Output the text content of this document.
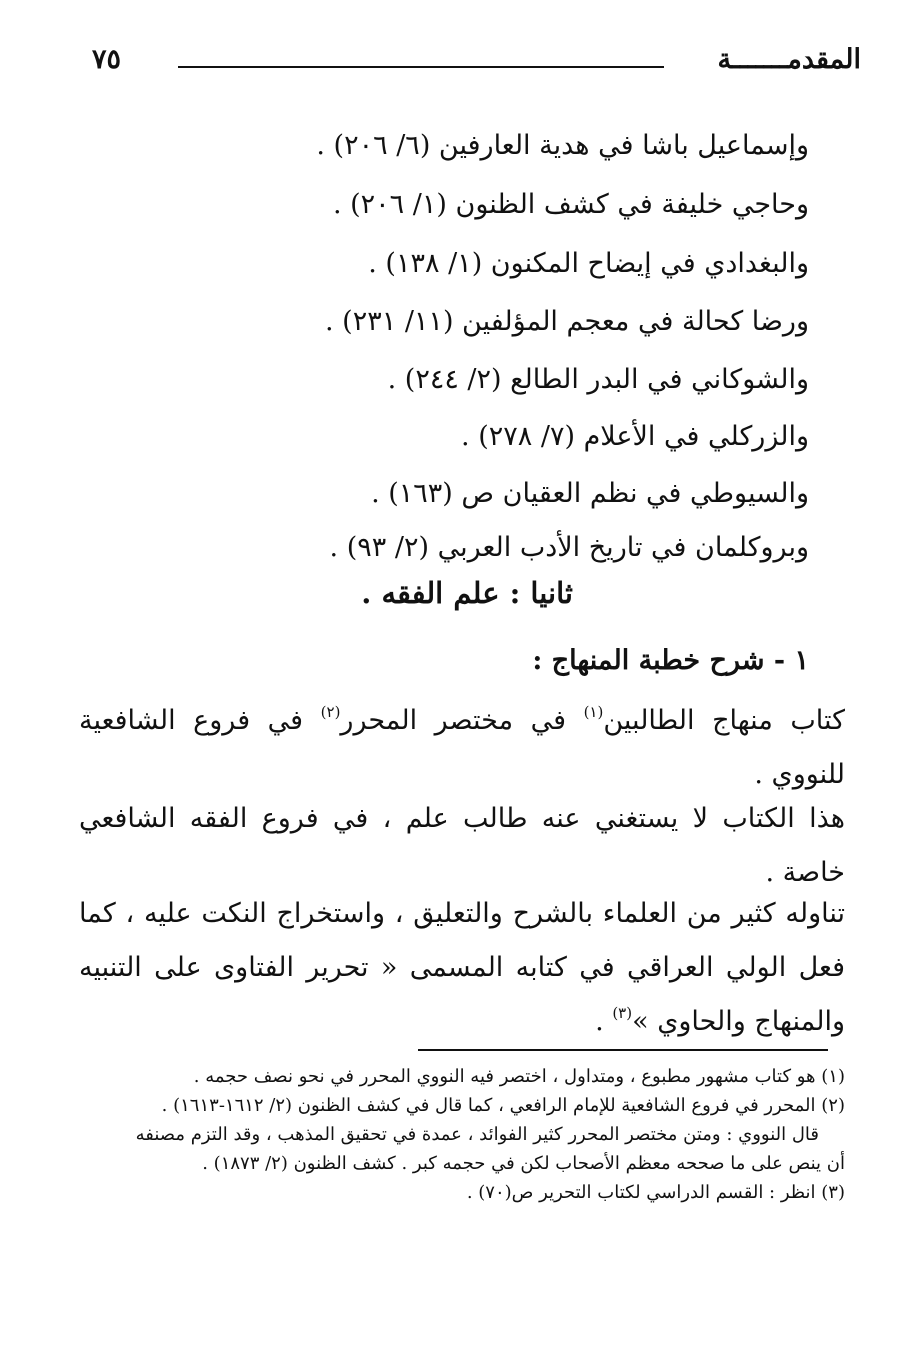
المقدمـــــــة
٧٥
وإسماعيل باشا في هدية العارفين (٦/ ٢٠٦) .
وحاجي خليفة في كشف الظنون (١/ ٢٠٦) .
والبغدادي في إيضاح المكنون (١/ ١٣٨) .
ورضا كحالة في معجم المؤلفين (١١/ ٢٣١) .
والشوكاني في البدر الطالع (٢/ ٢٤٤) .
والزركلي في الأعلام (٧/ ٢٧٨) .
والسيوطي في نظم العقيان ص (١٦٣) .
وبروكلمان في تاريخ الأدب العربي (٢/ ٩٣) .
ثانيا : علم الفقه .
١ - شرح خطبة المنهاج :
كتاب منهاج الطالبين$^{(١)}$ في مختصر المحرر$^{(٢)}$ في فروع الشافعية للنووي .
هذا الكتاب لا يستغني عنه طالب علم ، في فروع الفقه الشافعي خاصة .
تناوله كثير من العلماء بالشرح والتعليق ، واستخراج النكت عليه ، كما فعل الولي العراقي في كتابه المسمى « تحرير الفتاوى على التنبيه والمنهاج والحاوي »$^{(٣)}$ .
(١) هو كتاب مشهور مطبوع ، ومتداول ، اختصر فيه النووي المحرر في نحو نصف حجمه .
(٢) المحرر في فروع الشافعية للإمام الرافعي ، كما قال في كشف الظنون (٢/ ١٦١٢-١٦١٣) .
قال النووي : ومتن مختصر المحرر كثير الفوائد ، عمدة في تحقيق المذهب ، وقد التزم مصنفه
أن ينص على ما صححه معظم الأصحاب لكن في حجمه كبر . كشف الظنون (٢/ ١٨٧٣) .
(٣) انظر : القسم الدراسي لكتاب التحرير ص(٧٠) .
